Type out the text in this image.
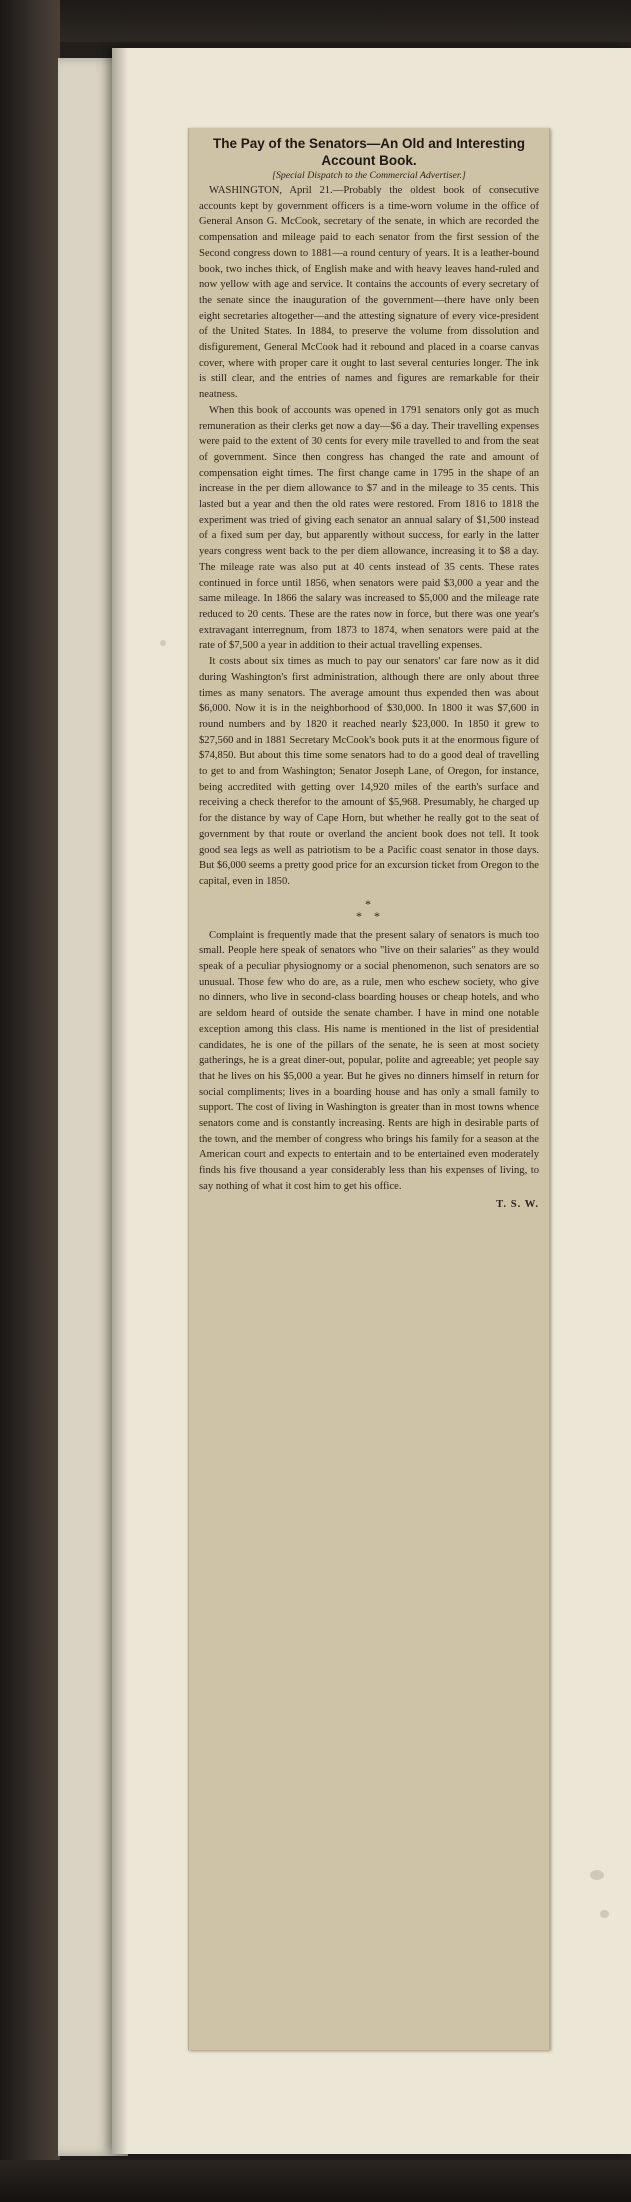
The Pay of the Senators—An Old and Interesting Account Book.

[Special Dispatch to the Commercial Advertiser.]

WASHINGTON, April 21.—Probably the oldest book of consecutive accounts kept by government officers is a time-worn volume in the office of General Anson G. McCook, secretary of the senate, in which are recorded the compensation and mileage paid to each senator from the first session of the Second congress down to 1881—a round century of years. It is a leather-bound book, two inches thick, of English make and with heavy leaves hand-ruled and now yellow with age and service. It contains the accounts of every secretary of the senate since the inauguration of the government—there have only been eight secretaries altogether—and the attesting signature of every vice-president of the United States. In 1884, to preserve the volume from dissolution and disfigurement, General McCook had it rebound and placed in a coarse canvas cover, where with proper care it ought to last several centuries longer. The ink is still clear, and the entries of names and figures are remarkable for their neatness.

When this book of accounts was opened in 1791 senators only got as much remuneration as their clerks get now a day—$6 a day. Their travelling expenses were paid to the extent of 30 cents for every mile travelled to and from the seat of government. Since then congress has changed the rate and amount of compensation eight times. The first change came in 1795 in the shape of an increase in the per diem allowance to $7 and in the mileage to 35 cents. This lasted but a year and then the old rates were restored. From 1816 to 1818 the experiment was tried of giving each senator an annual salary of $1,500 instead of a fixed sum per day, but apparently without success, for early in the latter years congress went back to the per diem allowance, increasing it to $8 a day. The mileage rate was also put at 40 cents instead of 35 cents. These rates continued in force until 1856, when senators were paid $3,000 a year and the same mileage. In 1866 the salary was increased to $5,000 and the mileage rate reduced to 20 cents. These are the rates now in force, but there was one year's extravagant interregnum, from 1873 to 1874, when senators were paid at the rate of $7,500 a year in addition to their actual travelling expenses.

It costs about six times as much to pay our senators' car fare now as it did during Washington's first administration, although there are only about three times as many senators. The average amount thus expended then was about $6,000. Now it is in the neighborhood of $30,000. In 1800 it was $7,600 in round numbers and by 1820 it reached nearly $23,000. In 1850 it grew to $27,560 and in 1881 Secretary McCook's book puts it at the enormous figure of $74,850. But about this time some senators had to do a good deal of travelling to get to and from Washington; Senator Joseph Lane, of Oregon, for instance, being accredited with getting over 14,920 miles of the earth's surface and receiving a check therefor to the amount of $5,968. Presumably, he charged up for the distance by way of Cape Horn, but whether he really got to the seat of government by that route or overland the ancient book does not tell. It took good sea legs as well as patriotism to be a Pacific coast senator in those days. But $6,000 seems a pretty good price for an excursion ticket from Oregon to the capital, even in 1850.

*
*  *

Complaint is frequently made that the present salary of senators is much too small. People here speak of senators who "live on their salaries" as they would speak of a peculiar physiognomy or a social phenomenon, such senators are so unusual. Those few who do are, as a rule, men who eschew society, who give no dinners, who live in second-class boarding houses or cheap hotels, and who are seldom heard of outside the senate chamber. I have in mind one notable exception among this class. His name is mentioned in the list of presidential candidates, he is one of the pillars of the senate, he is seen at most society gatherings, he is a great diner-out, popular, polite and agreeable; yet people say that he lives on his $5,000 a year. But he gives no dinners himself in return for social compliments; lives in a boarding house and has only a small family to support. The cost of living in Washington is greater than in most towns whence senators come and is constantly increasing. Rents are high in desirable parts of the town, and the member of congress who brings his family for a season at the American court and expects to entertain and to be entertained even moderately finds his five thousand a year considerably less than his expenses of living, to say nothing of what it cost him to get his office.

T. S. W.
